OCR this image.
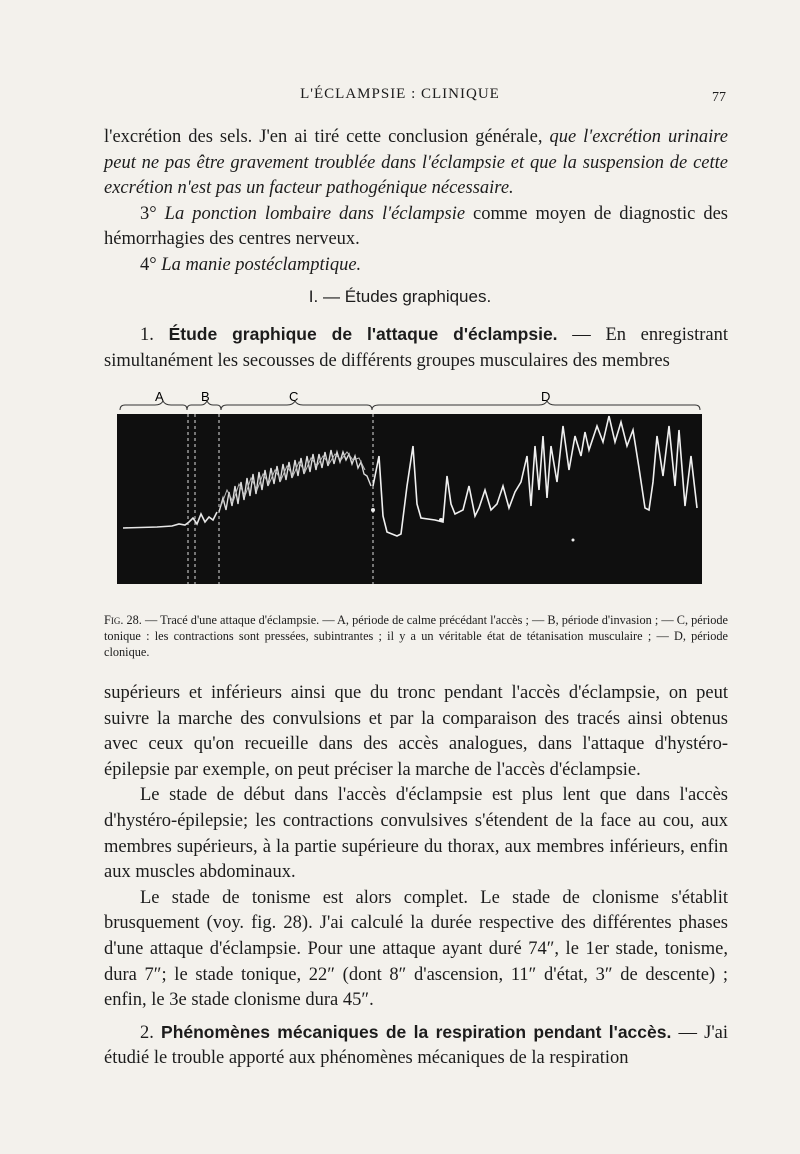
L'ÉCLAMPSIE : CLINIQUE	77

l'excrétion des sels. J'en ai tiré cette conclusion générale, que l'excrétion urinaire peut ne pas être gravement troublée dans l'éclampsie et que la suspension de cette excrétion n'est pas un facteur pathogénique nécessaire.

3° La ponction lombaire dans l'éclampsie comme moyen de diagnostic des hémorrhagies des centres nerveux.

4° La manie postéclamptique.

I. — Études graphiques.

1. Étude graphique de l'attaque d'éclampsie. — En enregistrant simultanément les secousses de différents groupes musculaires des membres

A	B	C	D
Fig. 28. — Tracé d'une attaque d'éclampsie. — A, période de calme précédant l'accès ; — B, période d'invasion ; — C, période tonique : les contractions sont pressées, subintrantes ; il y a un véritable état de tétanisation musculaire ; — D, période clonique.

supérieurs et inférieurs ainsi que du tronc pendant l'accès d'éclampsie, on peut suivre la marche des convulsions et par la comparaison des tracés ainsi obtenus avec ceux qu'on recueille dans des accès analogues, dans l'attaque d'hystéro-épilepsie par exemple, on peut préciser la marche de l'accès d'éclampsie.

Le stade de début dans l'accès d'éclampsie est plus lent que dans l'accès d'hystéro-épilepsie; les contractions convulsives s'étendent de la face au cou, aux membres supérieurs, à la partie supérieure du thorax, aux membres inférieurs, enfin aux muscles abdominaux.

Le stade de tonisme est alors complet. Le stade de clonisme s'établit brusquement (voy. fig. 28). J'ai calculé la durée respective des différentes phases d'une attaque d'éclampsie. Pour une attaque ayant duré 74″, le 1er stade, tonisme, dura 7″; le stade tonique, 22″ (dont 8″ d'ascension, 11″ d'état, 3″ de descente) ; enfin, le 3e stade clonisme dura 45″.

2. Phénomènes mécaniques de la respiration pendant l'accès. — J'ai étudié le trouble apporté aux phénomènes mécaniques de la respiration
